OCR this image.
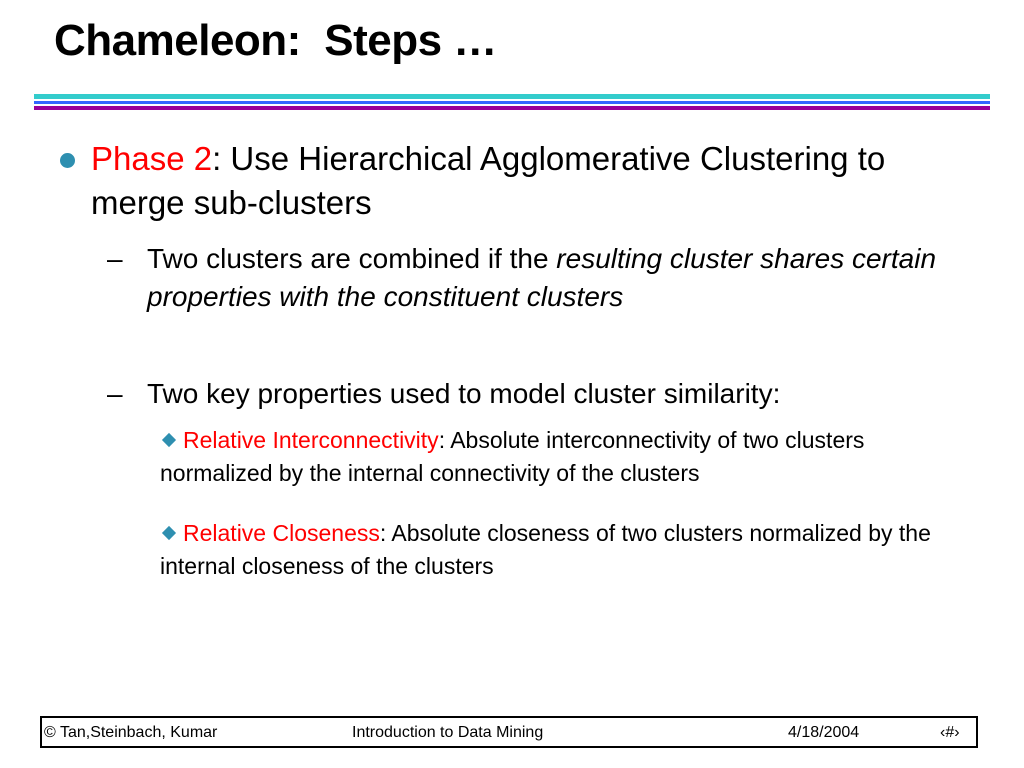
Chameleon:  Steps …
Phase 2: Use Hierarchical Agglomerative Clustering to merge sub-clusters
– Two clusters are combined if the resulting cluster shares certain properties with the constituent clusters
– Two key properties used to model cluster similarity:
Relative Interconnectivity: Absolute interconnectivity of two clusters normalized by the internal connectivity of the clusters
Relative Closeness: Absolute closeness of two clusters normalized by the internal closeness of the clusters
© Tan,Steinbach, Kumar	Introduction to Data Mining	4/18/2004	‹#›
